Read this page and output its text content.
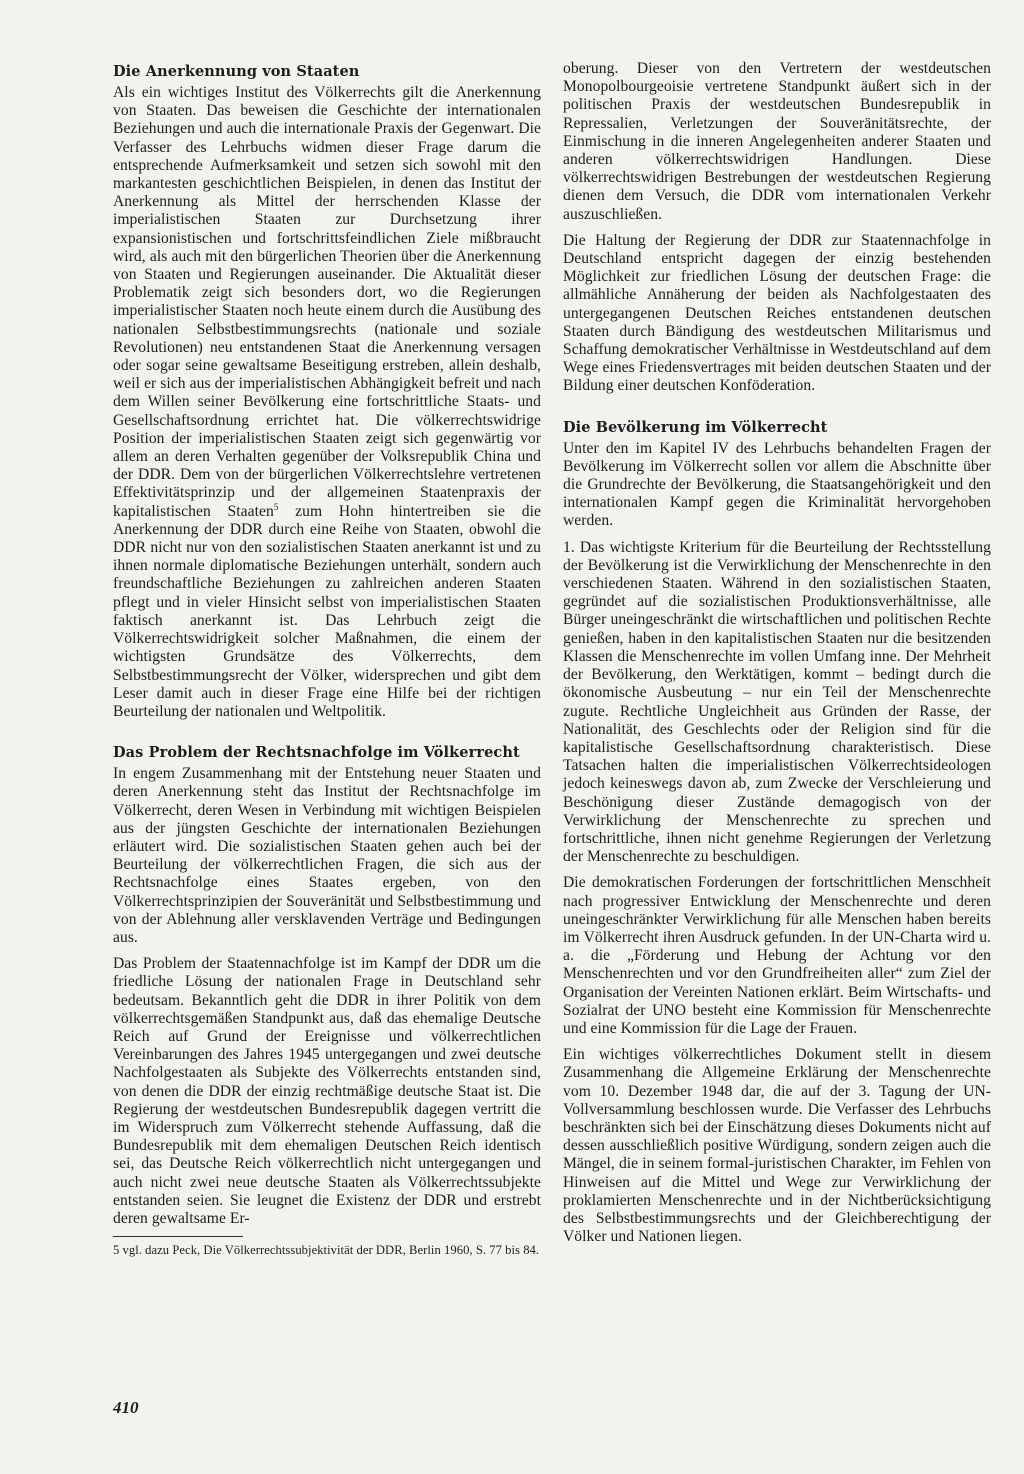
Die Anerkennung von Staaten

Als ein wichtiges Institut des Völkerrechts gilt die Anerkennung von Staaten. Das beweisen die Geschichte der internationalen Beziehungen und auch die internationale Praxis der Gegenwart. Die Verfasser des Lehrbuchs widmen dieser Frage darum die entsprechende Aufmerksamkeit und setzen sich sowohl mit den markantesten geschichtlichen Beispielen, in denen das Institut der Anerkennung als Mittel der herrschenden Klasse der imperialistischen Staaten zur Durchsetzung ihrer expansionistischen und fortschrittsfeindlichen Ziele mißbraucht wird, als auch mit den bürgerlichen Theorien über die Anerkennung von Staaten und Regierungen auseinander. Die Aktualität dieser Problematik zeigt sich besonders dort, wo die Regierungen imperialistischer Staaten noch heute einem durch die Ausübung des nationalen Selbstbestimmungsrechts (nationale und soziale Revolutionen) neu entstandenen Staat die Anerkennung versagen oder sogar seine gewaltsame Beseitigung erstreben, allein deshalb, weil er sich aus der imperialistischen Abhängigkeit befreit und nach dem Willen seiner Bevölkerung eine fortschrittliche Staats- und Gesellschaftsordnung errichtet hat. Die völkerrechtswidrige Position der imperialistischen Staaten zeigt sich gegenwärtig vor allem an deren Verhalten gegenüber der Volksrepublik China und der DDR. Dem von der bürgerlichen Völkerrechtslehre vertretenen Effektivitätsprinzip und der allgemeinen Staatenpraxis der kapitalistischen Staaten$^5$ zum Hohn hintertreiben sie die Anerkennung der DDR durch eine Reihe von Staaten, obwohl die DDR nicht nur von den sozialistischen Staaten anerkannt ist und zu ihnen normale diplomatische Beziehungen unterhält, sondern auch freundschaftliche Beziehungen zu zahlreichen anderen Staaten pflegt und in vieler Hinsicht selbst von imperialistischen Staaten faktisch anerkannt ist. Das Lehrbuch zeigt die Völkerrechtswidrigkeit solcher Maßnahmen, die einem der wichtigsten Grundsätze des Völkerrechts, dem Selbstbestimmungsrecht der Völker, widersprechen und gibt dem Leser damit auch in dieser Frage eine Hilfe bei der richtigen Beurteilung der nationalen und Weltpolitik.

Das Problem der Rechtsnachfolge im Völkerrecht

In engem Zusammenhang mit der Entstehung neuer Staaten und deren Anerkennung steht das Institut der Rechtsnachfolge im Völkerrecht, deren Wesen in Verbindung mit wichtigen Beispielen aus der jüngsten Geschichte der internationalen Beziehungen erläutert wird. Die sozialistischen Staaten gehen auch bei der Beurteilung der völkerrechtlichen Fragen, die sich aus der Rechtsnachfolge eines Staates ergeben, von den Völkerrechtsprinzipien der Souveränität und Selbstbestimmung und von der Ablehnung aller versklavenden Verträge und Bedingungen aus.

Das Problem der Staatennachfolge ist im Kampf der DDR um die friedliche Lösung der nationalen Frage in Deutschland sehr bedeutsam. Bekanntlich geht die DDR in ihrer Politik von dem völkerrechtsgemäßen Standpunkt aus, daß das ehemalige Deutsche Reich auf Grund der Ereignisse und völkerrechtlichen Vereinbarungen des Jahres 1945 untergegangen und zwei deutsche Nachfolgestaaten als Subjekte des Völkerrechts entstanden sind, von denen die DDR der einzig rechtmäßige deutsche Staat ist. Die Regierung der westdeutschen Bundesrepublik dagegen vertritt die im Widerspruch zum Völkerrecht stehende Auffassung, daß die Bundesrepublik mit dem ehemaligen Deutschen Reich identisch sei, das Deutsche Reich völkerrechtlich nicht untergegangen und auch nicht zwei neue deutsche Staaten als Völkerrechtssubjekte entstanden seien. Sie leugnet die Existenz der DDR und erstrebt deren gewaltsame Er-

5 vgl. dazu Peck, Die Völkerrechtssubjektivität der DDR, Berlin 1960, S. 77 bis 84.

oberung. Dieser von den Vertretern der westdeutschen Monopolbourgeoisie vertretene Standpunkt äußert sich in der politischen Praxis der westdeutschen Bundesrepublik in Repressalien, Verletzungen der Souveränitätsrechte, der Einmischung in die inneren Angelegenheiten anderer Staaten und anderen völkerrechtswidrigen Handlungen. Diese völkerrechtswidrigen Bestrebungen der westdeutschen Regierung dienen dem Versuch, die DDR vom internationalen Verkehr auszuschließen.

Die Haltung der Regierung der DDR zur Staatennachfolge in Deutschland entspricht dagegen der einzig bestehenden Möglichkeit zur friedlichen Lösung der deutschen Frage: die allmähliche Annäherung der beiden als Nachfolgestaaten des untergegangenen Deutschen Reiches entstandenen deutschen Staaten durch Bändigung des westdeutschen Militarismus und Schaffung demokratischer Verhältnisse in Westdeutschland auf dem Wege eines Friedensvertrages mit beiden deutschen Staaten und der Bildung einer deutschen Konföderation.

Die Bevölkerung im Völkerrecht

Unter den im Kapitel IV des Lehrbuchs behandelten Fragen der Bevölkerung im Völkerrecht sollen vor allem die Abschnitte über die Grundrechte der Bevölkerung, die Staatsangehörigkeit und den internationalen Kampf gegen die Kriminalität hervorgehoben werden.

1. Das wichtigste Kriterium für die Beurteilung der Rechtsstellung der Bevölkerung ist die Verwirklichung der Menschenrechte in den verschiedenen Staaten. Während in den sozialistischen Staaten, gegründet auf die sozialistischen Produktionsverhältnisse, alle Bürger uneingeschränkt die wirtschaftlichen und politischen Rechte genießen, haben in den kapitalistischen Staaten nur die besitzenden Klassen die Menschenrechte im vollen Umfang inne. Der Mehrheit der Bevölkerung, den Werktätigen, kommt – bedingt durch die ökonomische Ausbeutung – nur ein Teil der Menschenrechte zugute. Rechtliche Ungleichheit aus Gründen der Rasse, der Nationalität, des Geschlechts oder der Religion sind für die kapitalistische Gesellschaftsordnung charakteristisch. Diese Tatsachen halten die imperialistischen Völkerrechtsideologen jedoch keineswegs davon ab, zum Zwecke der Verschleierung und Beschönigung dieser Zustände demagogisch von der Verwirklichung der Menschenrechte zu sprechen und fortschrittliche, ihnen nicht genehme Regierungen der Verletzung der Menschenrechte zu beschuldigen.

Die demokratischen Forderungen der fortschrittlichen Menschheit nach progressiver Entwicklung der Menschenrechte und deren uneingeschränkter Verwirklichung für alle Menschen haben bereits im Völkerrecht ihren Ausdruck gefunden. In der UN-Charta wird u. a. die „Förderung und Hebung der Achtung vor den Menschenrechten und vor den Grundfreiheiten aller“ zum Ziel der Organisation der Vereinten Nationen erklärt. Beim Wirtschafts- und Sozialrat der UNO besteht eine Kommission für Menschenrechte und eine Kommission für die Lage der Frauen.

Ein wichtiges völkerrechtliches Dokument stellt in diesem Zusammenhang die Allgemeine Erklärung der Menschenrechte vom 10. Dezember 1948 dar, die auf der 3. Tagung der UN-Vollversammlung beschlossen wurde. Die Verfasser des Lehrbuchs beschränkten sich bei der Einschätzung dieses Dokuments nicht auf dessen ausschließlich positive Würdigung, sondern zeigen auch die Mängel, die in seinem formal-juristischen Charakter, im Fehlen von Hinweisen auf die Mittel und Wege zur Verwirklichung der proklamierten Menschenrechte und in der Nichtberücksichtigung des Selbstbestimmungsrechts und der Gleichberechtigung der Völker und Nationen liegen.

410
